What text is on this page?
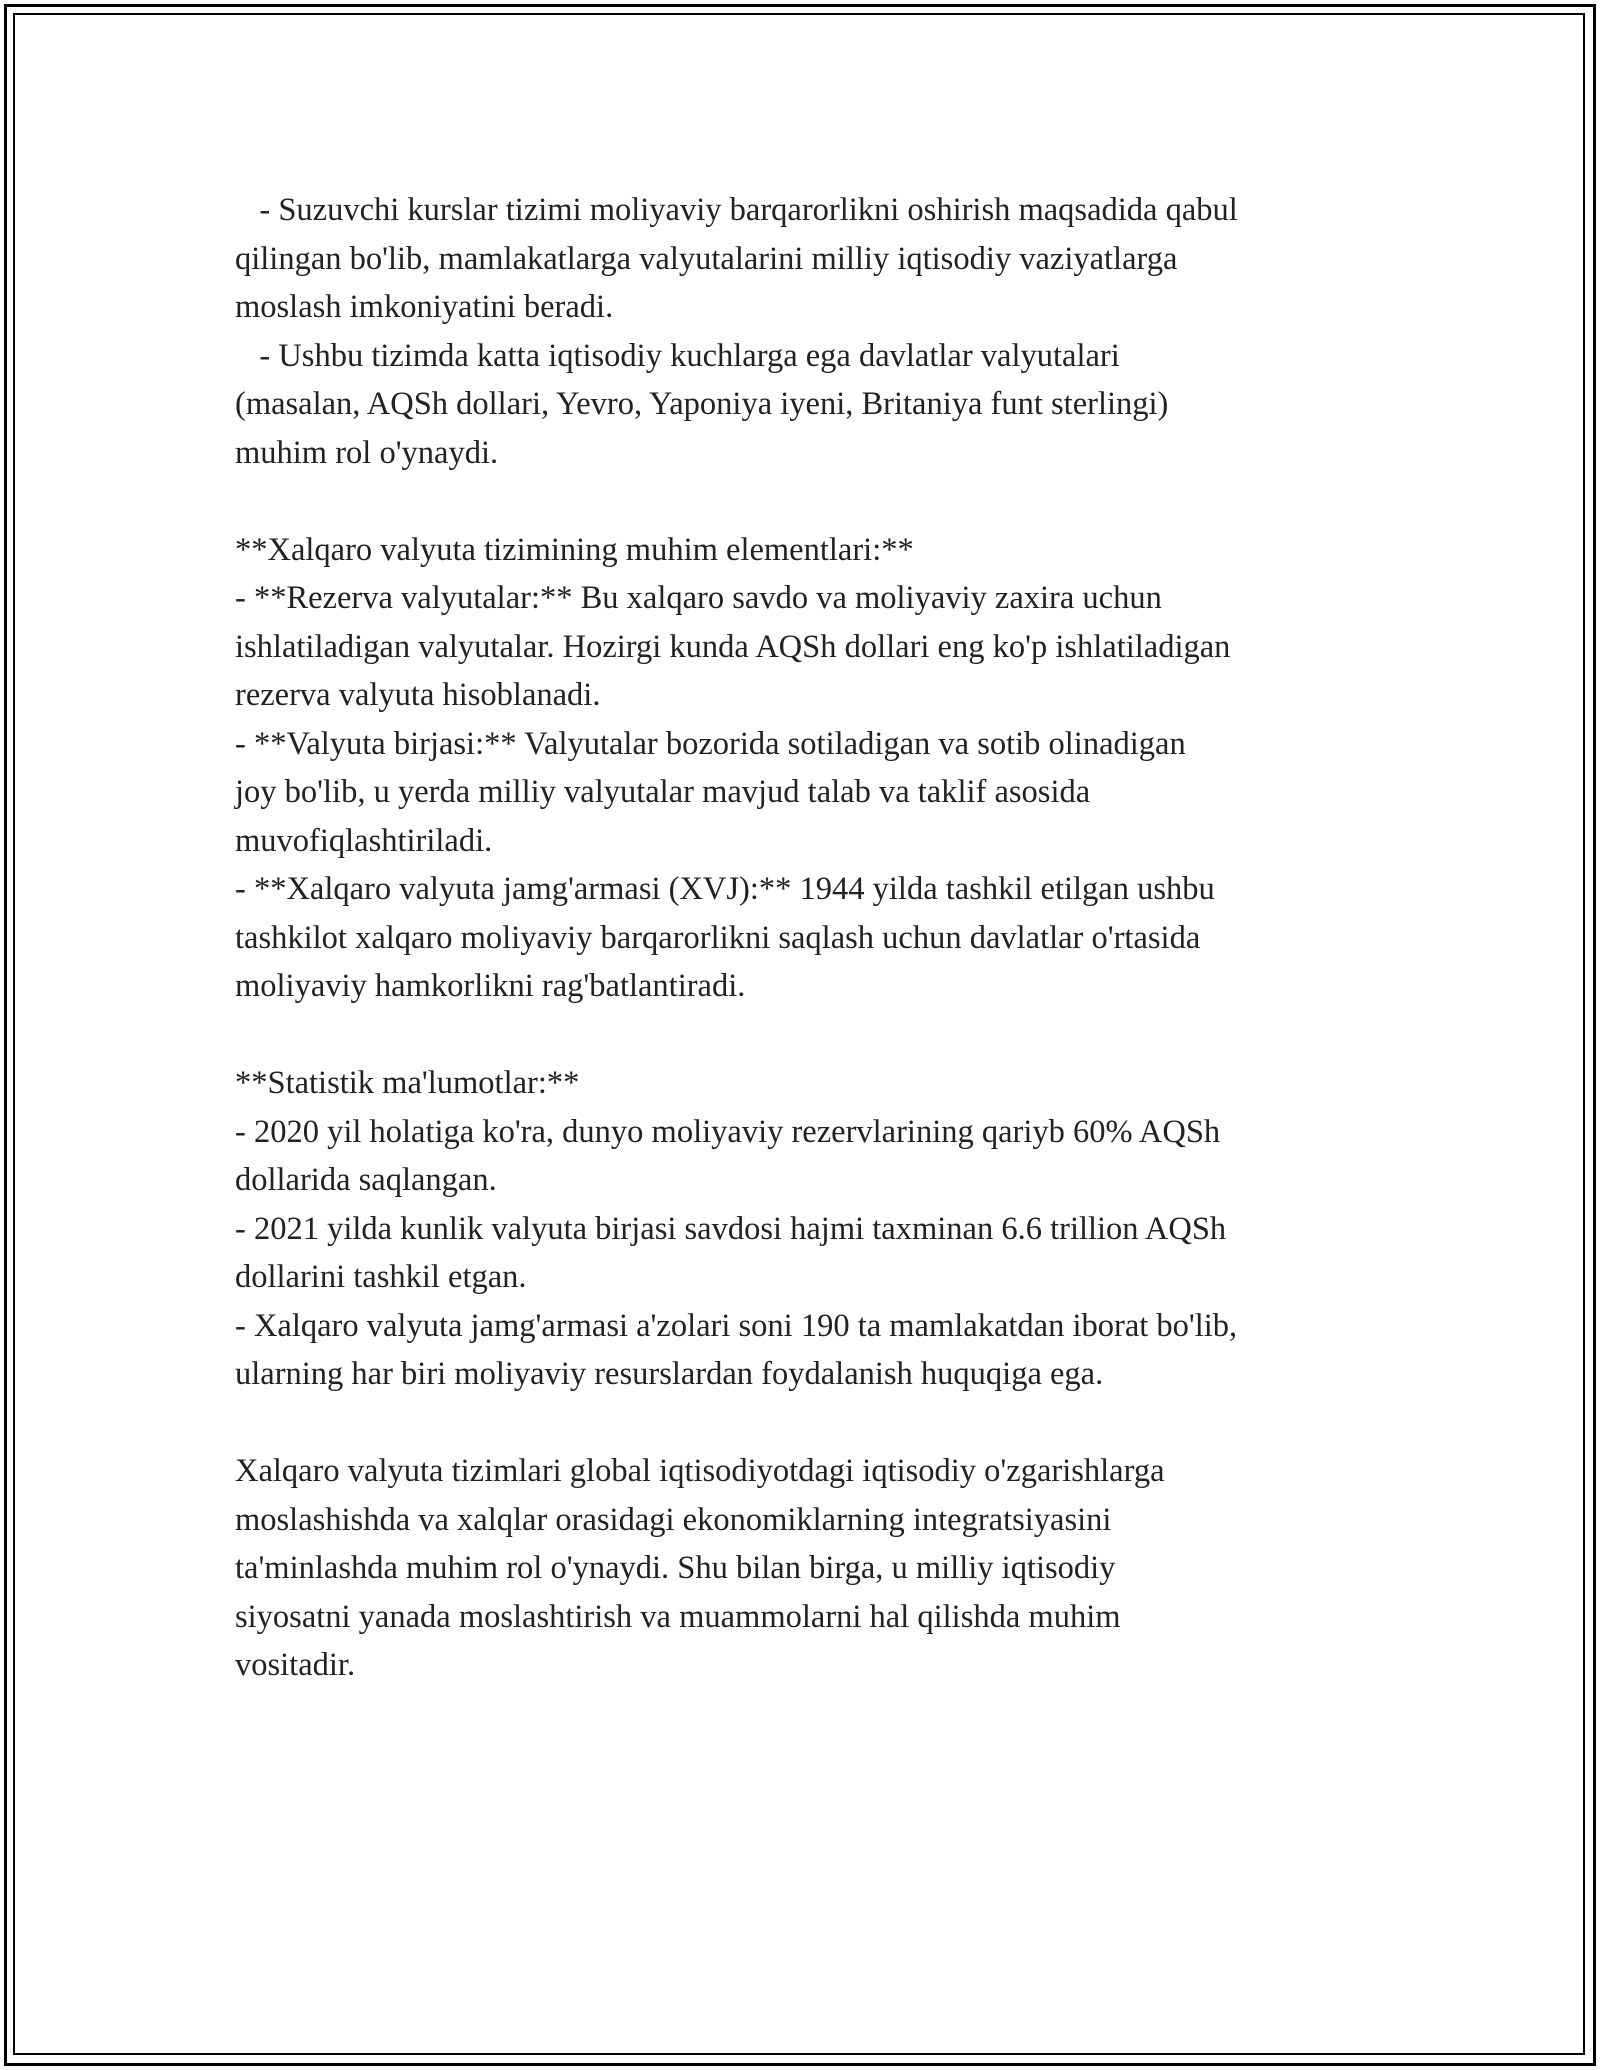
- Suzuvchi kurslar tizimi moliyaviy barqarorlikni oshirish maqsadida qabul
qilingan bo'lib, mamlakatlarga valyutalarini milliy iqtisodiy vaziyatlarga
moslash imkoniyatini beradi.
- Ushbu tizimda katta iqtisodiy kuchlarga ega davlatlar valyutalari
(masalan, AQSh dollari, Yevro, Yaponiya iyeni, Britaniya funt sterlingi)
muhim rol o'ynaydi.
**Xalqaro valyuta tizimining muhim elementlari:**
- **Rezerva valyutalar:** Bu xalqaro savdo va moliyaviy zaxira uchun
ishlatiladigan valyutalar. Hozirgi kunda AQSh dollari eng ko'p ishlatiladigan
rezerva valyuta hisoblanadi.
- **Valyuta birjasi:** Valyutalar bozorida sotiladigan va sotib olinadigan
joy bo'lib, u yerda milliy valyutalar mavjud talab va taklif asosida
muvofiqlashtiriladi.
- **Xalqaro valyuta jamg'armasi (XVJ):** 1944 yilda tashkil etilgan ushbu
tashkilot xalqaro moliyaviy barqarorlikni saqlash uchun davlatlar o'rtasida
moliyaviy hamkorlikni rag'batlantiradi.
**Statistik ma'lumotlar:**
- 2020 yil holatiga ko'ra, dunyo moliyaviy rezervlarining qariyb 60% AQSh
dollarida saqlangan.
- 2021 yilda kunlik valyuta birjasi savdosi hajmi taxminan 6.6 trillion AQSh
dollarini tashkil etgan.
- Xalqaro valyuta jamg'armasi a'zolari soni 190 ta mamlakatdan iborat bo'lib,
ularning har biri moliyaviy resurslardan foydalanish huquqiga ega.
Xalqaro valyuta tizimlari global iqtisodiyotdagi iqtisodiy o'zgarishlarga
moslashishda va xalqlar orasidagi ekonomiklarning integratsiyasini
ta'minlashda muhim rol o'ynaydi. Shu bilan birga, u milliy iqtisodiy
siyosatni yanada moslashtirish va muammolarni hal qilishda muhim
vositadir.
